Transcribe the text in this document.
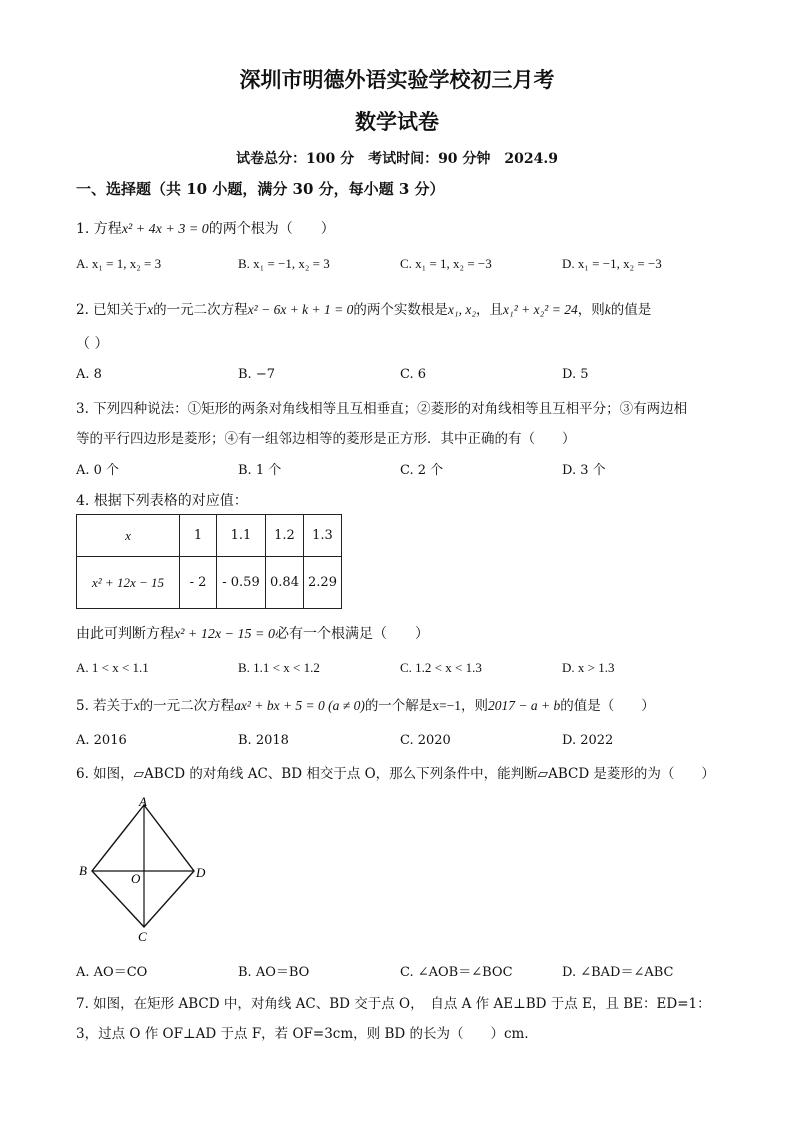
深圳市明德外语实验学校初三月考
数学试卷
试卷总分：100 分　考试时间：90 分钟　2024.9
一、选择题（共 10 小题，满分 30 分，每小题 3 分）
1. 方程x² + 4x + 3 = 0的两个根为（　　）
A. x₁ = 1, x₂ = 3	B. x₁ = −1, x₂ = 3	C. x₁ = 1, x₂ = −3	D. x₁ = −1, x₂ = −3
2. 已知关于x的一元二次方程x² − 6x + k + 1 = 0的两个实数根是x₁, x₂，且x₁² + x₂² = 24，则k的值是
（ ）
A. 8	B. −7	C. 6	D. 5
3. 下列四种说法：①矩形的两条对角线相等且互相垂直；②菱形的对角线相等且互相平分；③有两边相
等的平行四边形是菱形；④有一组邻边相等的菱形是正方形．其中正确的有（　　）
A. 0 个	B. 1 个	C. 2 个	D. 3 个
4. 根据下列表格的对应值：
x	1	1.1	1.2	1.3
x² + 12x − 15	- 2	- 0.59	0.84	2.29
由此可判断方程x² + 12x − 15 = 0必有一个根满足（　　）
A. 1 < x < 1.1	B. 1.1 < x < 1.2	C. 1.2 < x < 1.3	D. x > 1.3
5. 若关于x的一元二次方程ax² + bx + 5 = 0 (a ≠ 0)的一个解是x=−1，则2017 − a + b的值是（　　）
A. 2016	B. 2018	C. 2020	D. 2022
6. 如图，▱ABCD 的对角线 AC、BD 相交于点 O，那么下列条件中，能判断▱ABCD 是菱形的为（　　）
A
B	D
C
O
A. AO＝CO	B. AO＝BO	C. ∠AOB＝∠BOC	D. ∠BAD＝∠ABC
7. 如图，在矩形 ABCD 中，对角线 AC、BD 交于点 O，　自点 A 作 AE⊥BD 于点 E，且 BE：ED=1：
3，过点 O 作 OF⊥AD 于点 F，若 OF=3cm，则 BD 的长为（　　）cm．
